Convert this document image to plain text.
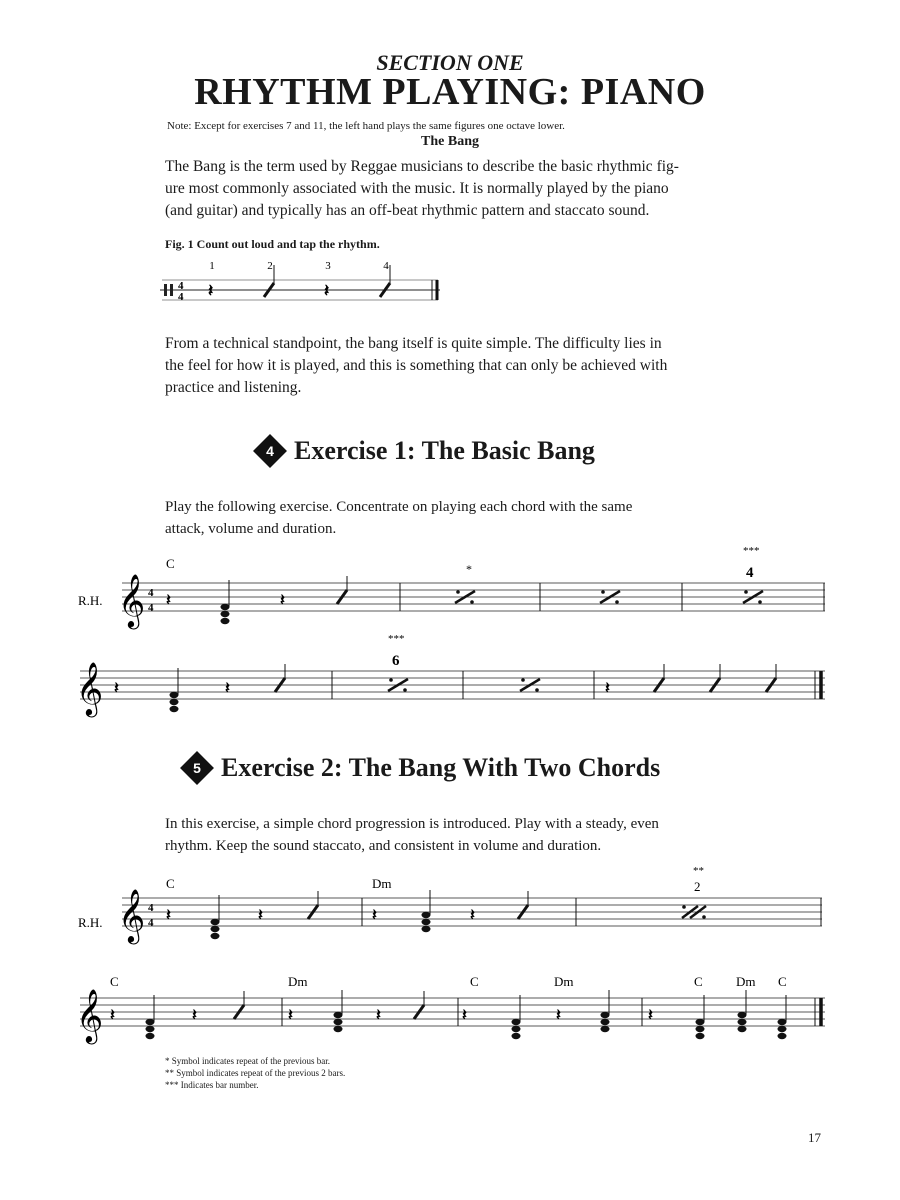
SECTION ONE
RHYTHM PLAYING: PIANO
Note: Except for exercises 7 and 11, the left hand plays the same figures one octave lower.
The Bang
The Bang is the term used by Reggae musicians to describe the basic rhythmic fig-
ure most commonly associated with the music. It is normally played by the piano
(and guitar) and typically has an off-beat rhythmic pattern and staccato sound.
Fig. 1 Count out loud and tap the rhythm.
1	2	3	4
4
4 𝄽	𝄽
From a technical standpoint, the bang itself is quite simple. The difficulty lies in
the feel for how it is played, and this is something that can only be achieved with
practice and listening.
4 Exercise 1: The Basic Bang
Play the following exercise. Concentrate on playing each chord with the same
attack, volume and duration.
R.H. 𝄞 4
4
C
𝄽	𝄽
*
***
4
𝄞 𝄽	𝄽
***
6
𝄽
5 Exercise 2: The Bang With Two Chords
In this exercise, a simple chord progression is introduced. Play with a steady, even
rhythm. Keep the sound staccato, and consistent in volume and duration.
R.H. 𝄞 4
4
C
𝄽	𝄽
Dm
𝄽	𝄽
**
2
𝄞
C
𝄽	𝄽
Dm
𝄽	𝄽
C
𝄽
Dm
𝄽	𝄽
C	Dm C
* Symbol indicates repeat of the previous bar.
** Symbol indicates repeat of the previous 2 bars.
*** Indicates bar number.
17
